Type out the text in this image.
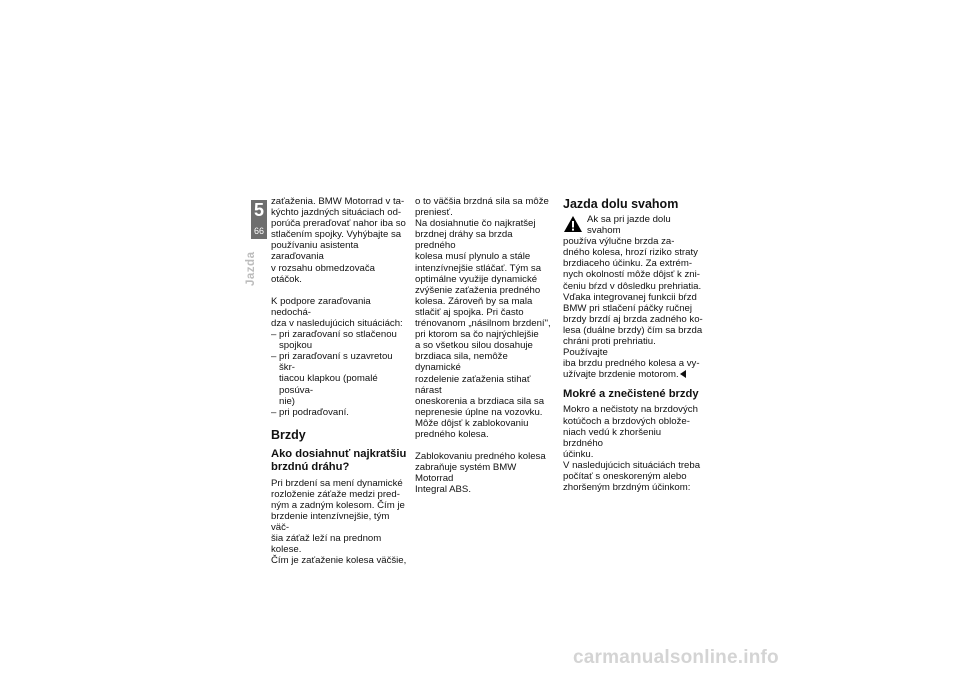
5
66
Jazda
zaťaženia. BMW Motorrad v ta-
kýchto jazdných situáciach od-
porúča preraďovať nahor iba so
stlačením spojky. Vyhýbajte sa
používaniu asistenta zaraďovania
v rozsahu obmedzovača otáčok.
K podpore zaraďovania nedochá-
dza v nasledujúcich situáciách:
– pri zaraďovaní so stlačenou
spojkou
– pri zaraďovaní s uzavretou škr-
tiacou klapkou (pomalé posúva-
nie)
– pri podraďovaní.
Brzdy
Ako dosiahnuť najkratšiu
brzdnú dráhu?
Pri brzdení sa mení dynamické
rozloženie záťaže medzi pred-
ným a zadným kolesom. Čím je
brzdenie intenzívnejšie, tým väč-
šia záťaž leží na prednom kolese.
Čím je zaťaženie kolesa väčšie,
o to väčšia brzdná sila sa môže
preniesť.
Na dosiahnutie čo najkratšej
brzdnej dráhy sa brzda predného
kolesa musí plynulo a stále
intenzívnejšie stláčať. Tým sa
optimálne využije dynamické
zvýšenie zaťaženia predného
kolesa. Zároveň by sa mala
stlačiť aj spojka. Pri často
trénovanom „násilnom brzdení",
pri ktorom sa čo najrýchlejšie
a so všetkou silou dosahuje
brzdiaca sila, nemôže dynamické
rozdelenie zaťaženia stihať nárast
oneskorenia a brzdiaca sila sa
neprenesie úplne na vozovku.
Môže dôjsť k zablokovaniu
predného kolesa.
Zablokovaniu predného kolesa
zabraňuje systém BMW Motorrad
Integral ABS.
Jazda dolu svahom
Ak sa pri jazde dolu svahom
používa výlučne brzda za-
dného kolesa, hrozí riziko straty
brzdiaceho účinku. Za extrém-
nych okolností môže dôjsť k zni-
čeniu bŕzd v dôsledku prehriatia.
Vďaka integrovanej funkcii bŕzd
BMW pri stlačení páčky ručnej
brzdy brzdí aj brzda zadného ko-
lesa (duálne brzdy) čím sa brzda
chráni proti prehriatiu. Používajte
iba brzdu predného kolesa a vy-
užívajte brzdenie motorom.
Mokré a znečistené brzdy
Mokro a nečistoty na brzdových
kotúčoch a brzdových oblože-
niach vedú k zhoršeniu brzdného
účinku.
V nasledujúcich situáciách treba
počítať s oneskoreným alebo
zhoršeným brzdným účinkom:
carmanualsonline.info
